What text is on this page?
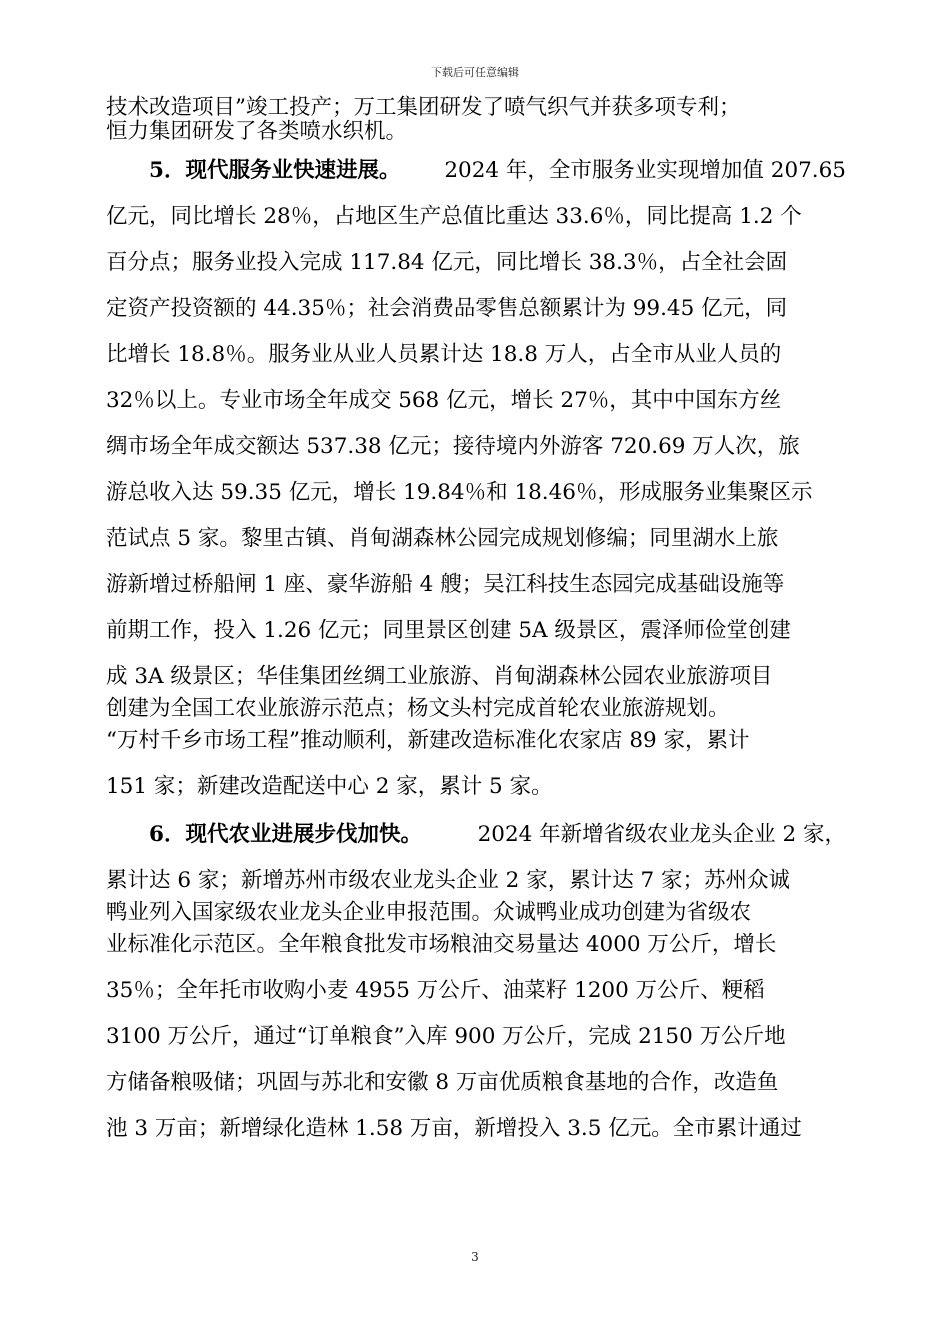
下载后可任意编辑
技术改造项目”竣工投产；万工集团研发了喷气织气并获多项专利；
恒力集团研发了各类喷水织机。
5．现代服务业快速进展。 2024 年，全市服务业实现增加值 207.65
亿元，同比增长 28％，占地区生产总值比重达 33.6％，同比提高 1.2 个
百分点；服务业投入完成 117.84 亿元，同比增长 38.3％，占全社会固
定资产投资额的 44.35％；社会消费品零售总额累计为 99.45 亿元，同
比增长 18.8％。服务业从业人员累计达 18.8 万人，占全市从业人员的
32％以上。专业市场全年成交 568 亿元，增长 27％，其中中国东方丝
绸市场全年成交额达 537.38 亿元；接待境内外游客 720.69 万人次，旅
游总收入达 59.35 亿元，增长 19.84％和 18.46％，形成服务业集聚区示
范试点 5 家。黎里古镇、肖甸湖森林公园完成规划修编；同里湖水上旅
游新增过桥船闸 1 座、豪华游船 4 艘；吴江科技生态园完成基础设施等
前期工作，投入 1.26 亿元；同里景区创建 5A 级景区，震泽师俭堂创建
成 3A 级景区；华佳集团丝绸工业旅游、肖甸湖森林公园农业旅游项目
创建为全国工农业旅游示范点；杨文头村完成首轮农业旅游规划。
“万村千乡市场工程”推动顺利，新建改造标准化农家店 89 家，累计
151 家；新建改造配送中心 2 家，累计 5 家。
6．现代农业进展步伐加快。	2024 年新增省级农业龙头企业 2 家，
累计达 6 家；新增苏州市级农业龙头企业 2 家，累计达 7 家；苏州众诚
鸭业列入国家级农业龙头企业申报范围。众诚鸭业成功创建为省级农
业标准化示范区。全年粮食批发市场粮油交易量达 4000 万公斤，增长
35％；全年托市收购小麦 4955 万公斤、油菜籽 1200 万公斤、粳稻
3100 万公斤，通过“订单粮食”入库 900 万公斤，完成 2150 万公斤地
方储备粮吸储；巩固与苏北和安徽 8 万亩优质粮食基地的合作，改造鱼
池 3 万亩；新增绿化造林 1.58 万亩，新增投入 3.5 亿元。全市累计通过
3
